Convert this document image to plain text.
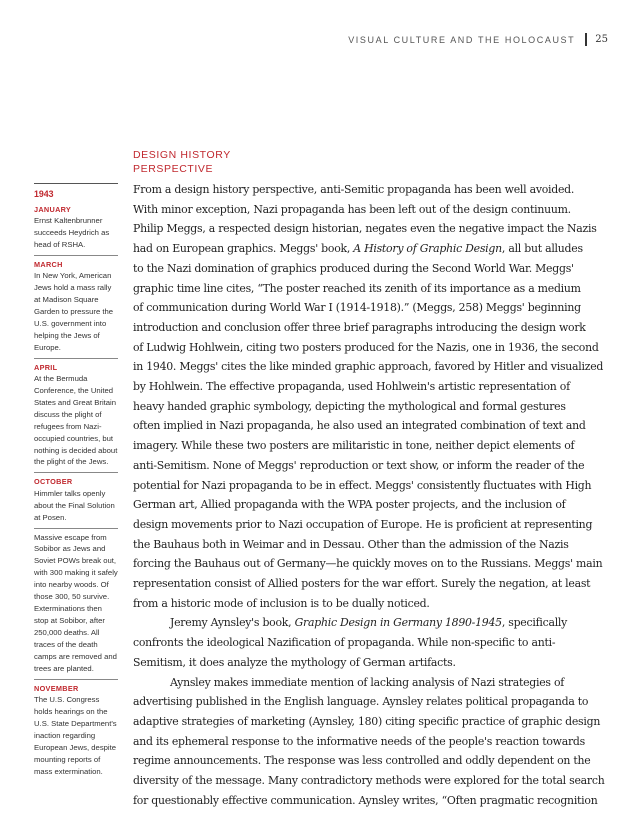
VISUAL CULTURE AND THE HOLOCAUST 25
1943
JANUARY
Ernst Kaltenbrunner succeeds Heydrich as head of RSHA.
MARCH
In New York, American Jews hold a mass rally at Madison Square Garden to pressure the U.S. government into helping the Jews of Europe.
APRIL
At the Bermuda Conference, the United States and Great Britain discuss the plight of refugees from Nazi-occupied countries, but nothing is decided about the plight of the Jews.
OCTOBER
Himmler talks openly about the Final Solution at Posen.
Massive escape from Sobibor as Jews and Soviet POWs break out, with 300 making it safely into nearby woods. Of those 300, 50 survive. Exterminations then stop at Sobibor, after 250,000 deaths. All traces of the death camps are removed and trees are planted.
NOVEMBER
The U.S. Congress holds hearings on the U.S. State Department's inaction regarding European Jews, despite mounting reports of mass extermination.
DESIGN HISTORY
PERSPECTIVE
From a design history perspective, anti-Semitic propaganda has been well avoided.
With minor exception, Nazi propaganda has been left out of the design continuum.
Philip Meggs, a respected design historian, negates even the negative impact the Nazis
had on European graphics. Meggs' book, A History of Graphic Design, all but alludes
to the Nazi domination of graphics produced during the Second World War. Meggs'
graphic time line cites, “The poster reached its zenith of its importance as a medium
of communication during World War I (1914-1918).” (Meggs, 258) Meggs' beginning
introduction and conclusion offer three brief paragraphs introducing the design work
of Ludwig Hohlwein, citing two posters produced for the Nazis, one in 1936, the second
in 1940. Meggs' cites the like minded graphic approach, favored by Hitler and visualized
by Hohlwein. The effective propaganda, used Hohlwein's artistic representation of
heavy handed graphic symbology, depicting the mythological and formal gestures
often implied in Nazi propaganda, he also used an integrated combination of text and
imagery. While these two posters are militaristic in tone, neither depict elements of
anti-Semitism. None of Meggs' reproduction or text show, or inform the reader of the
potential for Nazi propaganda to be in effect. Meggs' consistently fluctuates with High
German art, Allied propaganda with the WPA poster projects, and the inclusion of
design movements prior to Nazi occupation of Europe. He is proficient at representing
the Bauhaus both in Weimar and in Dessau. Other than the admission of the Nazis
forcing the Bauhaus out of Germany—he quickly moves on to the Russians. Meggs' main
representation consist of Allied posters for the war effort. Surely the negation, at least
from a historic mode of inclusion is to be dually noticed.
Jeremy Aynsley's book, Graphic Design in Germany 1890-1945, specifically
confronts the ideological Nazification of propaganda. While non-specific to anti-
Semitism, it does analyze the mythology of German artifacts.
Aynsley makes immediate mention of lacking analysis of Nazi strategies of
advertising published in the English language. Aynsley relates political propaganda to
adaptive strategies of marketing (Aynsley, 180) citing specific practice of graphic design
and its ephemeral response to the informative needs of the people's reaction towards
regime announcements. The response was less controlled and oddly dependent on the
diversity of the message. Many contradictory methods were explored for the total search
for questionably effective communication. Aynsley writes, “Often pragmatic recognition
